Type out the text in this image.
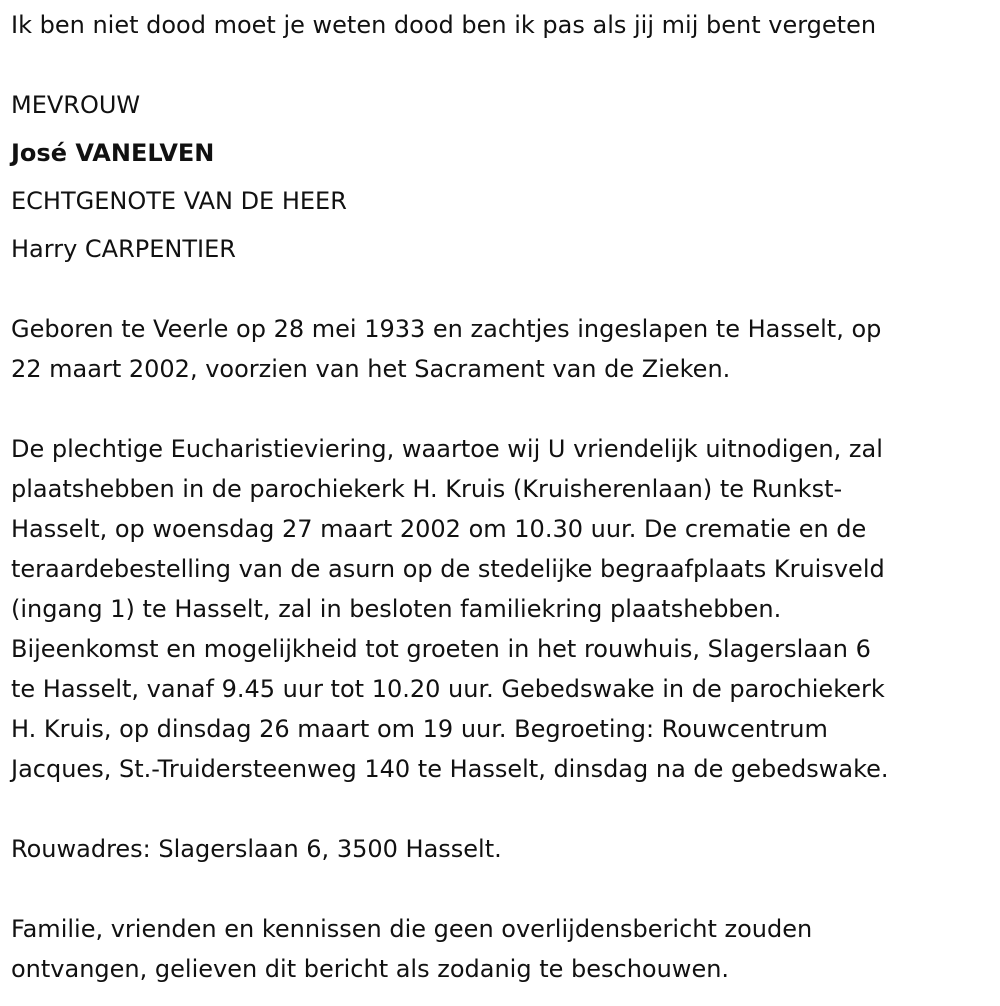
Ik ben niet dood moet je weten dood ben ik pas als jij mij bent vergeten
MEVROUW
José VANELVEN
ECHTGENOTE VAN DE HEER
Harry CARPENTIER
Geboren te Veerle op 28 mei 1933 en zachtjes ingeslapen te Hasselt, op
22 maart 2002, voorzien van het Sacrament van de Zieken.
De plechtige Eucharistieviering, waartoe wij U vriendelijk uitnodigen, zal
plaatshebben in de parochiekerk H. Kruis (Kruisherenlaan) te Runkst-
Hasselt, op woensdag 27 maart 2002 om 10.30 uur. De crematie en de
teraardebestelling van de asurn op de stedelijke begraafplaats Kruisveld
(ingang 1) te Hasselt, zal in besloten familiekring plaatshebben.
Bijeenkomst en mogelijkheid tot groeten in het rouwhuis, Slagerslaan 6
te Hasselt, vanaf 9.45 uur tot 10.20 uur. Gebedswake in de parochiekerk
H. Kruis, op dinsdag 26 maart om 19 uur. Begroeting: Rouwcentrum
Jacques, St.-Truidersteenweg 140 te Hasselt, dinsdag na de gebedswake.
Rouwadres: Slagerslaan 6, 3500 Hasselt.
Familie, vrienden en kennissen die geen overlijdensbericht zouden
ontvangen, gelieven dit bericht als zodanig te beschouwen.
